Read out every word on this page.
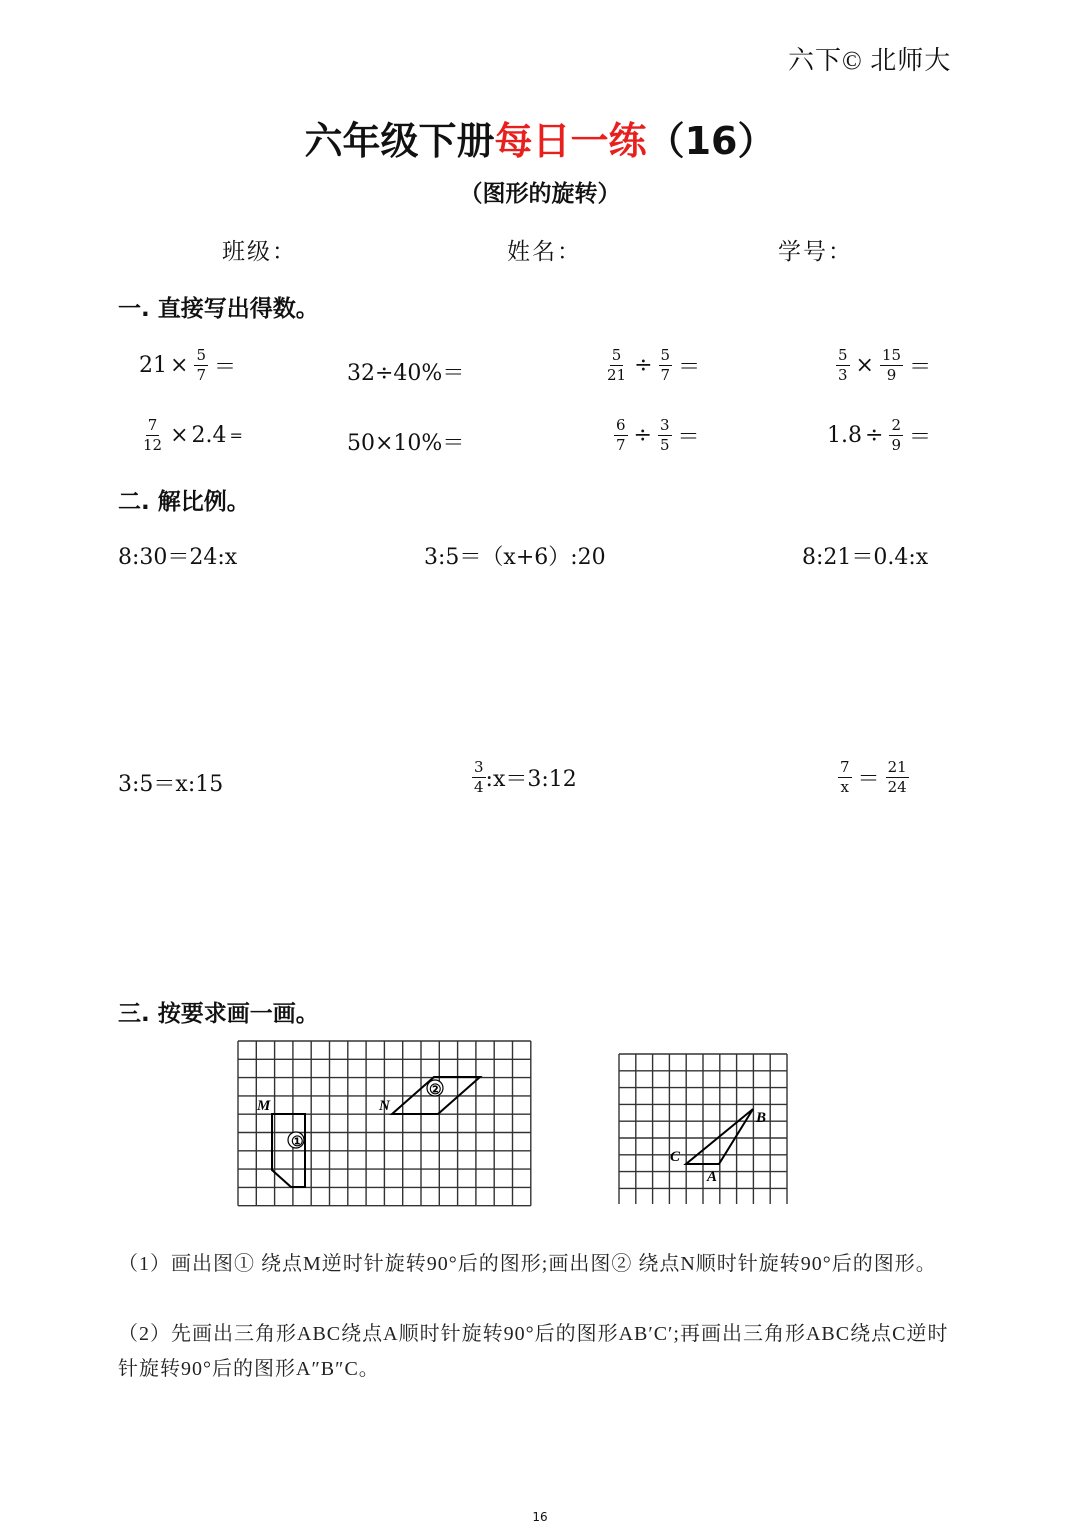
六下© 北师大
六年级下册每日一练（16）
（图形的旋转）
班级：	姓名：	学号：
一. 直接写出得数。
$21 \times \frac{5}{7}$ ＝	32÷40%＝	$\frac{5}{21} \div \frac{5}{7}$ ＝	$\frac{5}{3} \times \frac{15}{9}$ ＝
$\frac{7}{12} \times 2.4$ =	50×10%＝	$\frac{6}{7} \div \frac{3}{5}$ ＝	$1.8 \div \frac{2}{9}$ ＝
二. 解比例。
8:30＝24:x	3:5＝（x+6）:20	8:21＝0.4:x
3:5＝x:15	$\frac{3}{4}$ :x＝3:12	$\frac{7}{x} = \frac{21}{24}$
三. 按要求画一画。
①
②
M	N
B
C
A
（1）画出图① 绕点M逆时针旋转90°后的图形;画出图② 绕点N顺时针旋转90°后的图形。
（2）先画出三角形ABC绕点A顺时针旋转90°后的图形AB′C′;再画出三角形ABC绕点C逆时针旋转90°后的图形A″B″C。
16
